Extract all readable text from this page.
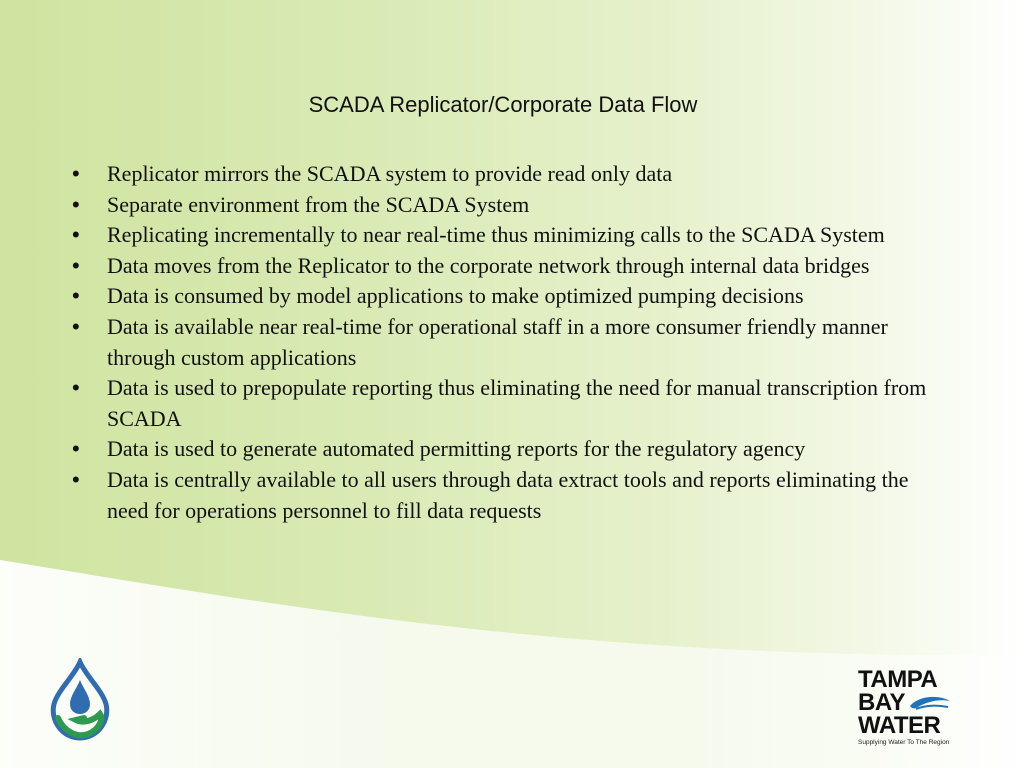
SCADA Replicator/Corporate Data Flow
• Replicator mirrors the SCADA system to provide read only data
• Separate environment from the SCADA System
• Replicating incrementally to near real-time thus minimizing calls to the SCADA System
• Data moves from the Replicator to the corporate network through internal data bridges
• Data is consumed by model applications to make optimized pumping decisions
• Data is available near real-time for operational staff in a more consumer friendly manner through custom applications
• Data is used to prepopulate reporting thus eliminating the need for manual transcription from SCADA
• Data is used to generate automated permitting reports for the regulatory agency
• Data is centrally available to all users through data extract tools and reports eliminating the need for operations personnel to fill data requests
TAMPA
BAY
WATER
Supplying Water To The Region
